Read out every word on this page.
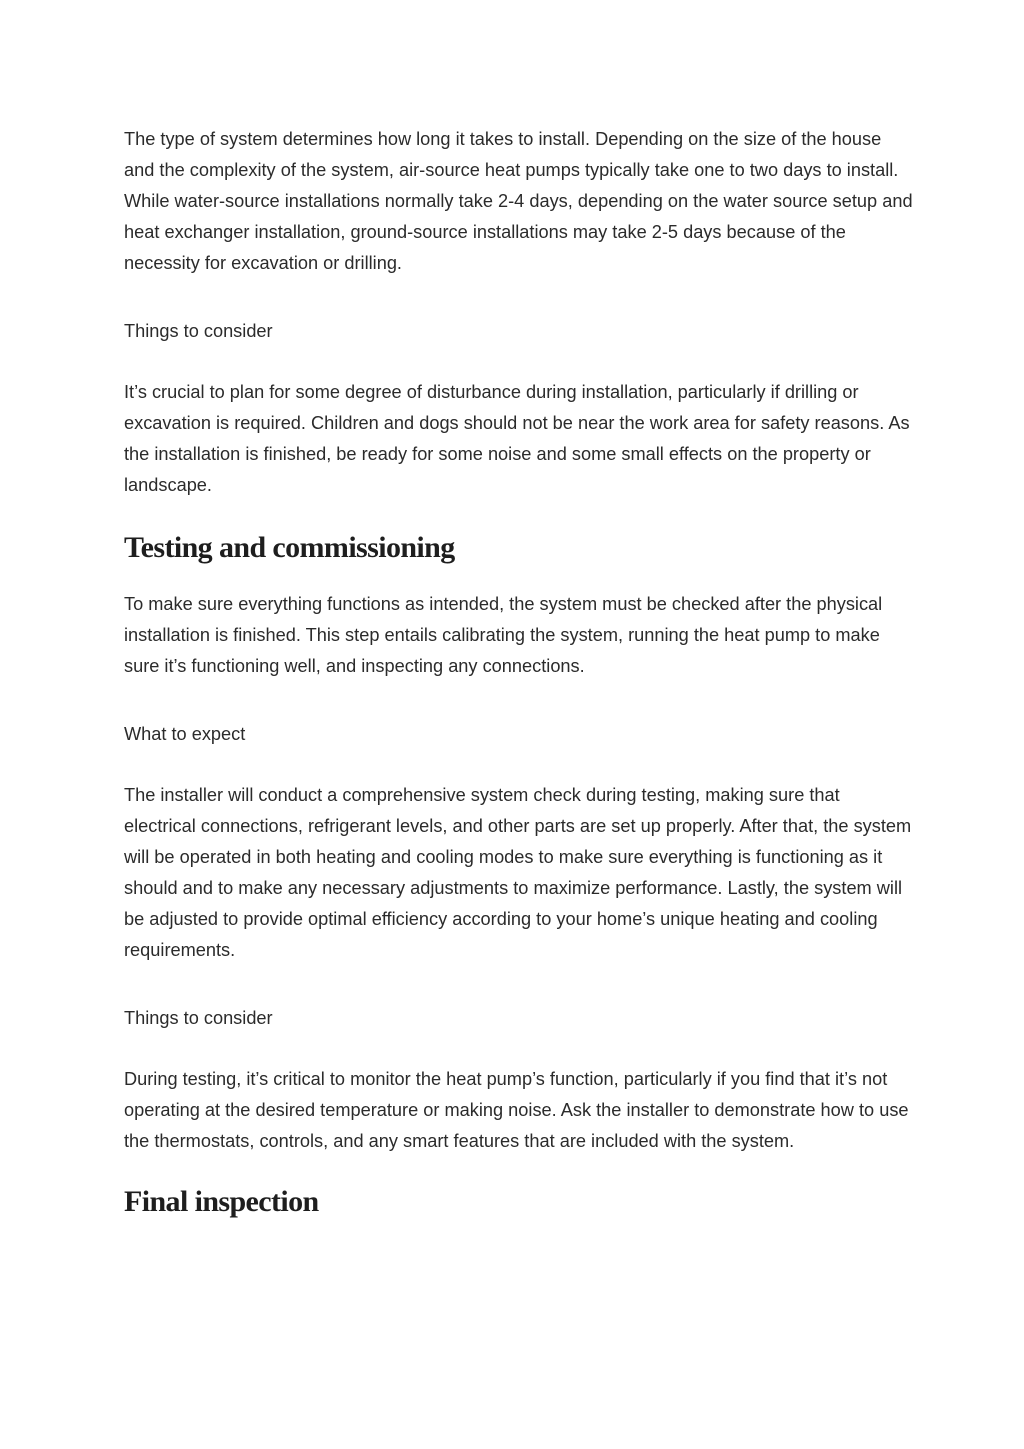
The type of system determines how long it takes to install. Depending on the size of the house and the complexity of the system, air-source heat pumps typically take one to two days to install. While water-source installations normally take 2-4 days, depending on the water source setup and heat exchanger installation, ground-source installations may take 2-5 days because of the necessity for excavation or drilling.

Things to consider

It’s crucial to plan for some degree of disturbance during installation, particularly if drilling or excavation is required. Children and dogs should not be near the work area for safety reasons. As the installation is finished, be ready for some noise and some small effects on the property or landscape.

Testing and commissioning

To make sure everything functions as intended, the system must be checked after the physical installation is finished. This step entails calibrating the system, running the heat pump to make sure it’s functioning well, and inspecting any connections.

What to expect

The installer will conduct a comprehensive system check during testing, making sure that electrical connections, refrigerant levels, and other parts are set up properly. After that, the system will be operated in both heating and cooling modes to make sure everything is functioning as it should and to make any necessary adjustments to maximize performance. Lastly, the system will be adjusted to provide optimal efficiency according to your home’s unique heating and cooling requirements.

Things to consider

During testing, it’s critical to monitor the heat pump’s function, particularly if you find that it’s not operating at the desired temperature or making noise. Ask the installer to demonstrate how to use the thermostats, controls, and any smart features that are included with the system.

Final inspection
